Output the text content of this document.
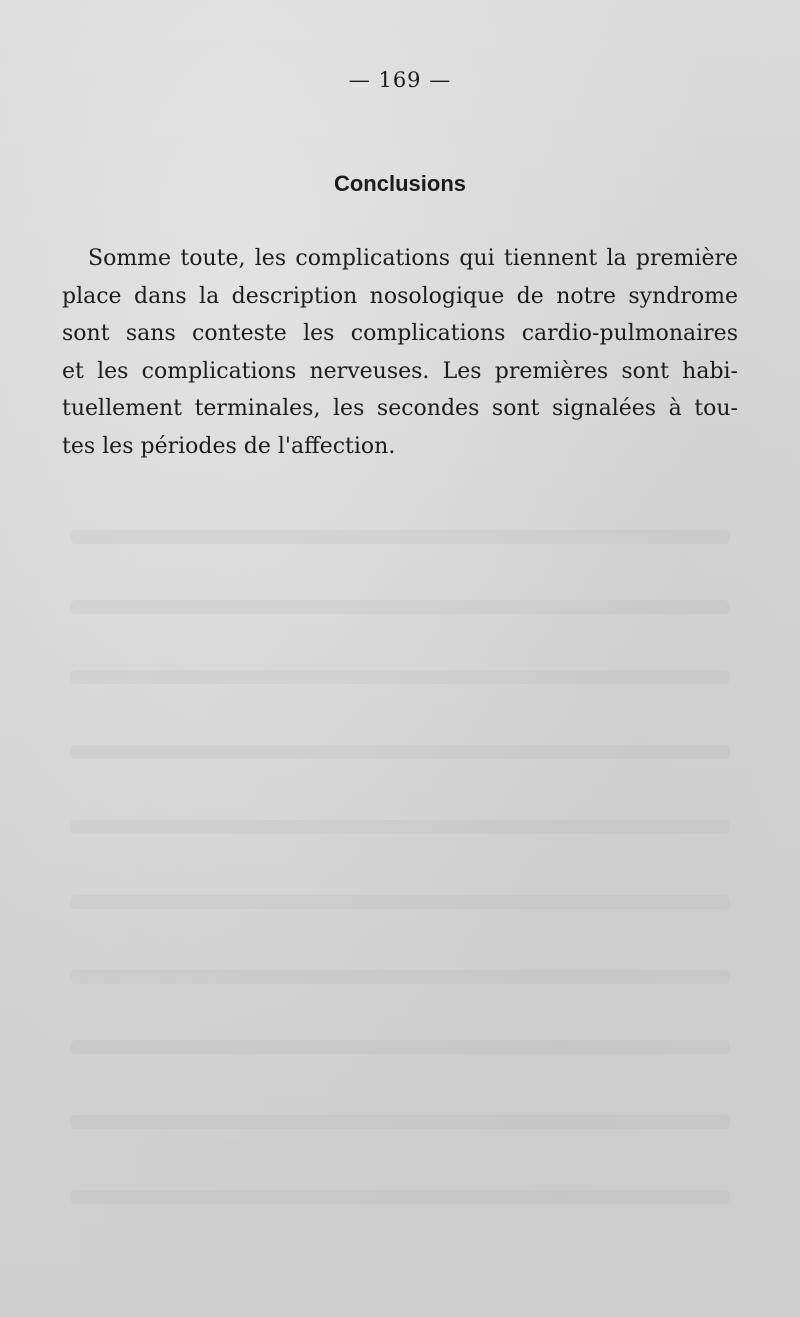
— 169 —
Conclusions
Somme toute, les complications qui tiennent la première
place dans la description nosologique de notre syndrome
sont sans conteste les complications cardio-pulmonaires
et les complications nerveuses. Les premières sont habi-
tuellement terminales, les secondes sont signalées à tou-
tes les périodes de l'affection.
